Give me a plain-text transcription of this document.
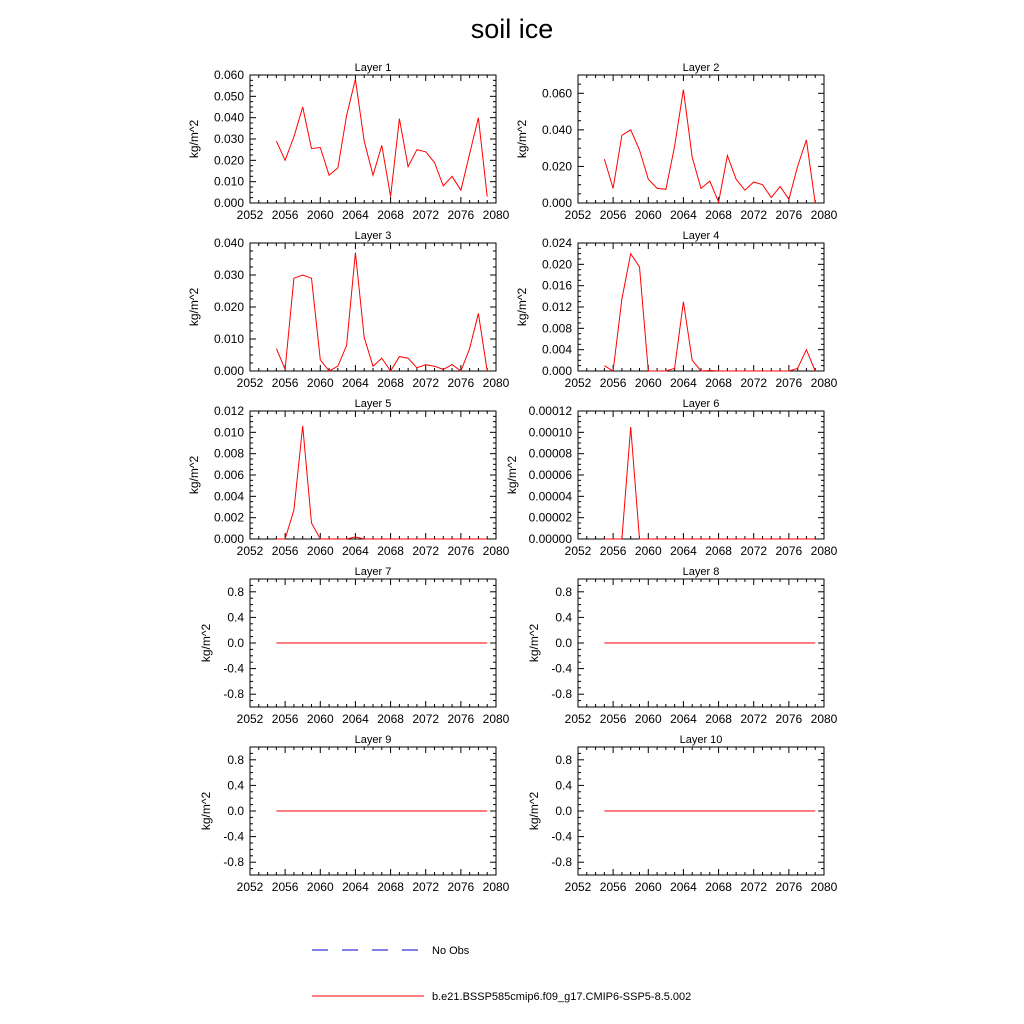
soil ice
Layer 1
2052 2056 2060 2064 2068 2072 2076 2080
0.000
0.010
0.020
0.030
0.040
0.050
0.060
kg/m^2
Layer 2
2052 2056 2060 2064 2068 2072 2076 2080
0.000
0.020
0.040
0.060
kg/m^2
Layer 3
2052 2056 2060 2064 2068 2072 2076 2080
0.000
0.010
0.020
0.030
0.040
kg/m^2
Layer 4
2052 2056 2060 2064 2068 2072 2076 2080
0.000
0.004
0.008
0.012
0.016
0.020
0.024
kg/m^2
Layer 5
2052 2056 2060 2064 2068 2072 2076 2080
0.000
0.002
0.004
0.006
0.008
0.010
0.012
kg/m^2
Layer 6
2052 2056 2060 2064 2068 2072 2076 2080
0.00000
0.00002
0.00004
0.00006
0.00008
0.00010
0.00012
kg/m^2
Layer 7
2052 2056 2060 2064 2068 2072 2076 2080
-0.8
-0.4
0.0
0.4
0.8
kg/m^2
Layer 8
2052 2056 2060 2064 2068 2072 2076 2080
-0.8
-0.4
0.0
0.4
0.8
kg/m^2
Layer 9
2052 2056 2060 2064 2068 2072 2076 2080
-0.8
-0.4
0.0
0.4
0.8
kg/m^2
Layer 10
2052 2056 2060 2064 2068 2072 2076 2080
-0.8
-0.4
0.0
0.4
0.8
kg/m^2
No Obs
b.e21.BSSP585cmip6.f09_g17.CMIP6-SSP5-8.5.002
